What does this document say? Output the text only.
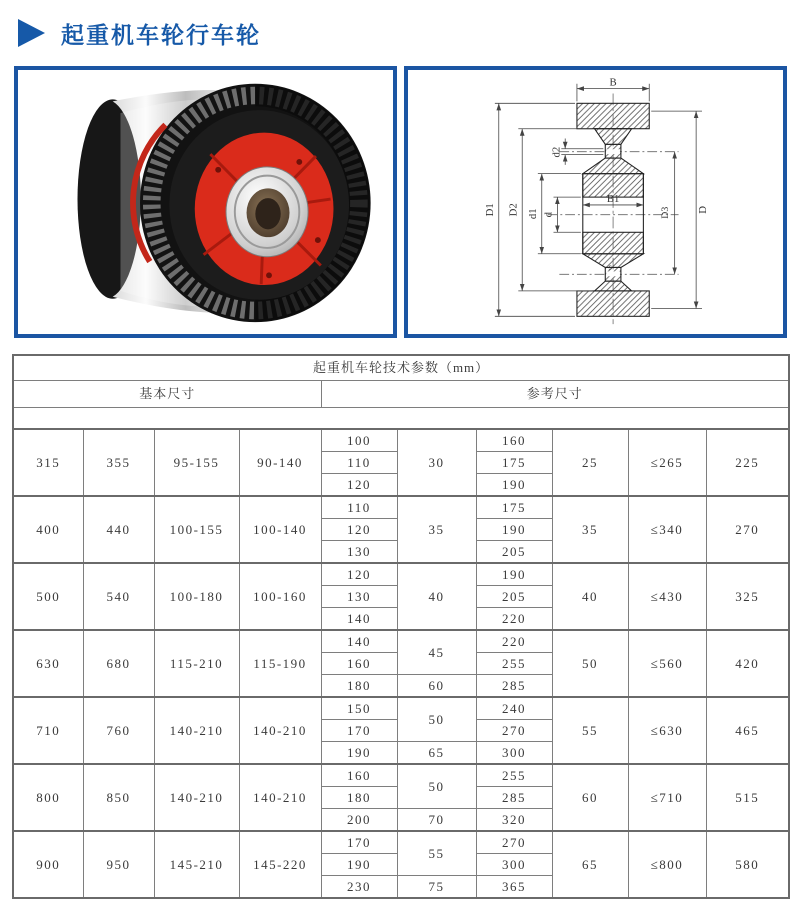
起重机车轮行车轮
B
D1 D2 d1 d
d2
B1
D3 D
s
起重机车轮技术参数（mm）									
基本尺寸				参考尺寸					

315	355	95-155	90-140	100	30	160	25	≤265	225
				110		175			
				120		190			
400	440	100-155	100-140	110	35	175	35	≤340	270
				120		190			
				130		205			
500	540	100-180	100-160	120	40	190	40	≤430	325
				130		205			
				140		220			
630	680	115-210	115-190	140	45	220	50	≤560	420
				160		255			
				180	60	285			
710	760	140-210	140-210	150	50	240	55	≤630	465
				170		270			
				190	65	300			
800	850	140-210	140-210	160	50	255	60	≤710	515
				180		285			
				200	70	320			
900	950	145-210	145-220	170	55	270	65	≤800	580
				190		300			
				230	75	365			
